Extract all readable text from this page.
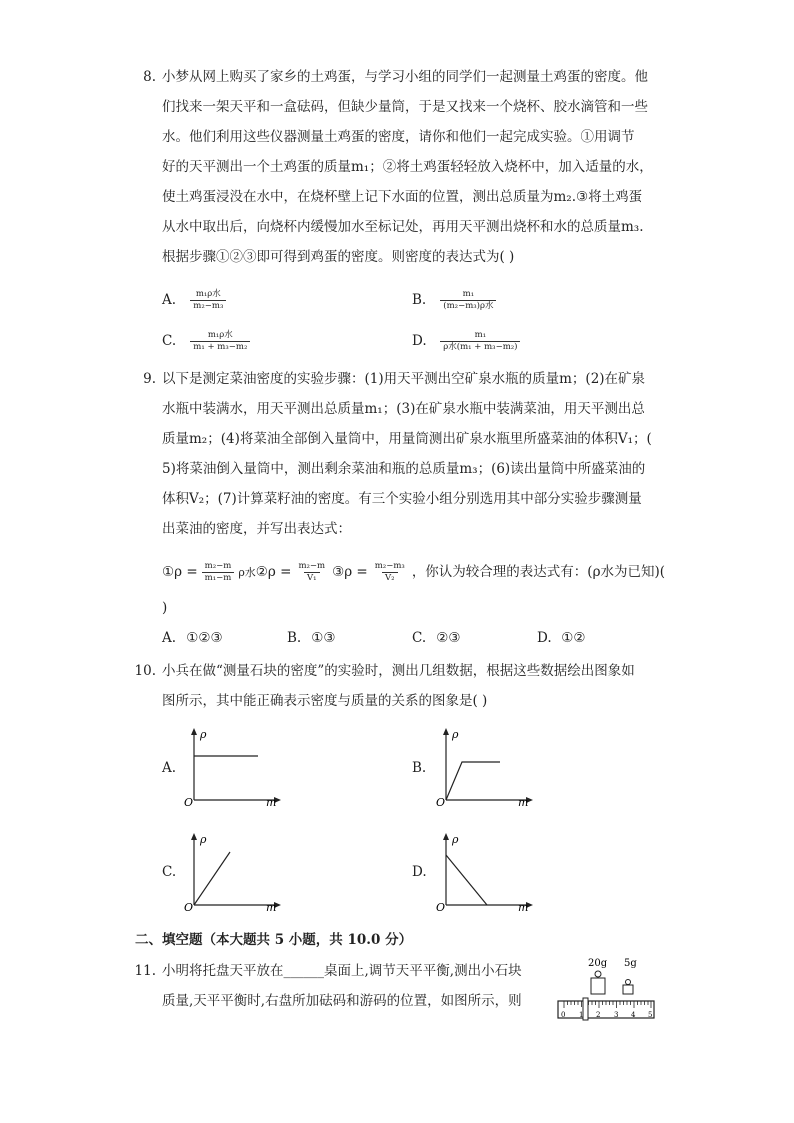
8. 小梦从网上购买了家乡的土鸡蛋，与学习小组的同学们一起测量土鸡蛋的密度。他
们找来一架天平和一盒砝码，但缺少量筒，于是又找来一个烧杯、胶水滴管和一些
水。他们利用这些仪器测量土鸡蛋的密度，请你和他们一起完成实验。①用调节
好的天平测出一个土鸡蛋的质量m₁；②将土鸡蛋轻轻放入烧杯中，加入适量的水，
使土鸡蛋浸没在水中，在烧杯壁上记下水面的位置，测出总质量为m₂.③将土鸡蛋
从水中取出后，向烧杯内缓慢加水至标记处，再用天平测出烧杯和水的总质量m₃.
根据步骤①②③即可得到鸡蛋的密度。则密度的表达式为( )
A. $\frac{\text{m₁ρ水}}{\text{m₂−m₃}}$	B. $\frac{\text{m₁}}{\text{(m₂−m₃)ρ水}}$
C. $\frac{\text{m₁ρ水}}{\text{m₁ + m₃−m₂}}$	D. $\frac{\text{m₁}}{\text{ρ水(m₁ + m₃−m₂)}}$
9. 以下是测定菜油密度的实验步骤：(1)用天平测出空矿泉水瓶的质量m；(2)在矿泉
水瓶中装满水，用天平测出总质量m₁；(3)在矿泉水瓶中装满菜油，用天平测出总
质量m₂；(4)将菜油全部倒入量筒中，用量筒测出矿泉水瓶里所盛菜油的体积V₁；(
5)将菜油倒入量筒中，测出剩余菜油和瓶的总质量m₃；(6)读出量筒中所盛菜油的
体积V₂；(7)计算菜籽油的密度。有三个实验小组分别选用其中部分实验步骤测量
出菜油的密度，并写出表达式：
①ρ = $\frac{\text{m₂−m}}{\text{m₁−m}}$ ρ水②ρ = $\frac{\text{m₂−m}}{\text{V₁}}$ ③ρ = $\frac{\text{m₂−m₃}}{\text{V₂}}$ ，你认为较合理的表达式有：(ρ水为已知)(
)
A. ①②③	B. ①③	C. ②③	D. ①②
10. 小兵在做“测量石块的密度”的实验时，测出几组数据，根据这些数据绘出图象如
图所示，其中能正确表示密度与质量的关系的图象是( )
A.
ρ
m
O
B.
ρ
m
O
C.
ρ
m
O
D.
ρ
m
O
二、填空题（本大题共 5 小题，共 10.0 分）
11. 小明将托盘天平放在______桌面上,调节天平平衡,测出小石块
质量,天平平衡时,右盘所加砝码和游码的位置，如图所示，则
20g 5g
0 1 2 3 4 5
